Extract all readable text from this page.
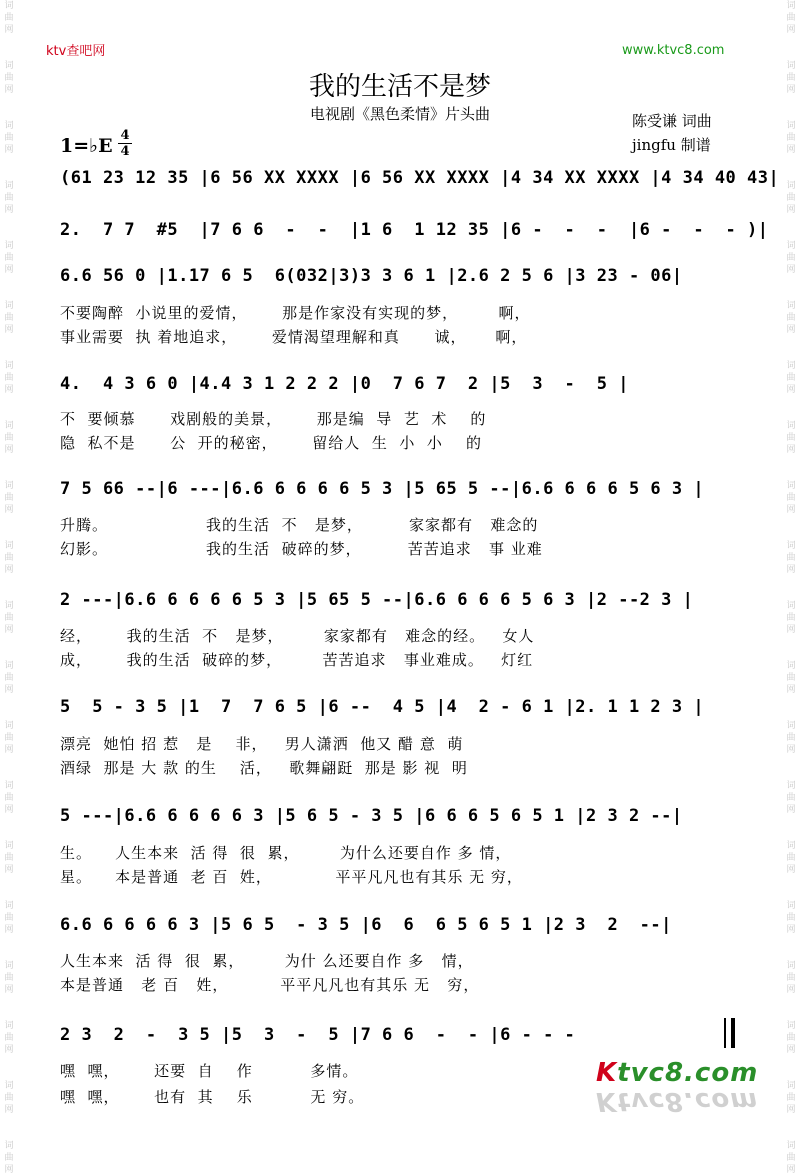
词
曲
网

词
曲
网

词
曲
网

词
曲
网

词
曲
网

词
曲
网

词
曲
网

词
曲
网

词
曲
网

词
曲
网

词
曲
网

词
曲
网

词
曲
网

词
曲
网

词
曲
网

词
曲
网

词
曲
网

词
曲
网

词
曲
网

词
曲
网
词
曲
网

词
曲
网

词
曲
网

词
曲
网

词
曲
网

词
曲
网

词
曲
网

词
曲
网

词
曲
网

词
曲
网

词
曲
网

词
曲
网

词
曲
网

词
曲
网

词
曲
网

词
曲
网

词
曲
网

词
曲
网

词
曲
网

词
曲
网
ktv查吧网	www.ktvc8.com
我的生活不是梦
电视剧《黑色柔情》片头曲	陈受谦 词曲
jingfu 制谱
1=♭E 4
4
(61 23 12 35 |6 56 XX XXXX |6 56 XX XXXX |4 34 XX XXXX |4 34 40 43|
2.  7 7  #5  |7 6 6  -  -  |1 6  1 12 35 |6 -  -  -  |6 -  -  - )|
6.6 56 0 |1.17 6 5  6(032|3)3 3 6 1 |2.6 2 5 6 |3 23 - 06|
不要陶醉  小说里的爱情，      那是作家没有实现的梦，       啊，
事业需要  执 着地追求，      爱情渴望理解和真      诚，     啊，
4.  4 3 6 0 |4.4 3 1 2 2 2 |0  7 6 7  2 |5  3  -  5 |
不  要倾慕      戏剧般的美景，      那是编  导  艺  术    的
隐  私不是      公  开的秘密，      留给人  生  小  小    的
7 5 66 --|6 ---|6.6 6 6 6 6 5 3 |5 65 5 --|6.6 6 6 6 5 6 3 |
升腾。                 我的生活  不   是梦，        家家都有   难念的
幻影。                 我的生活  破碎的梦，        苦苦追求   事 业难
2 ---|6.6 6 6 6 6 5 3 |5 65 5 --|6.6 6 6 6 5 6 3 |2 --2 3 |
经，      我的生活  不   是梦，       家家都有   难念的经。   女人
成，      我的生活  破碎的梦，       苦苦追求   事业难成。   灯红
5  5 - 3 5 |1  7  7 6 5 |6 --  4 5 |4  2 - 6 1 |2. 1 1 2 3 |
漂亮  她怕 招 惹   是    非，   男人潇洒  他又 醋 意  萌
酒绿  那是 大 款 的生    活，   歌舞翩跹  那是 影 视  明
5 ---|6.6 6 6 6 6 3 |5 6 5 - 3 5 |6 6 6 5 6 5 1 |2 3 2 --|
生。    人生本来  活 得  很  累，       为什么还要自作 多 情，
星。    本是普通  老 百  姓，           平平凡凡也有其乐 无 穷，
6.6 6 6 6 6 3 |5 6 5  - 3 5 |6  6  6 5 6 5 1 |2 3  2  --|
人生本来  活 得  很  累，       为什 么还要自作 多   情，
本是普通   老 百   姓，         平平凡凡也有其乐 无   穷，
2 3  2  -  3 5 |5  3  -  5 |7 6 6  -  - |6 - - -
嘿  嘿，      还要  自    作          多情。
嘿  嘿，      也有  其    乐          无 穷。
Ktvc8.com
Ktvc8.com
